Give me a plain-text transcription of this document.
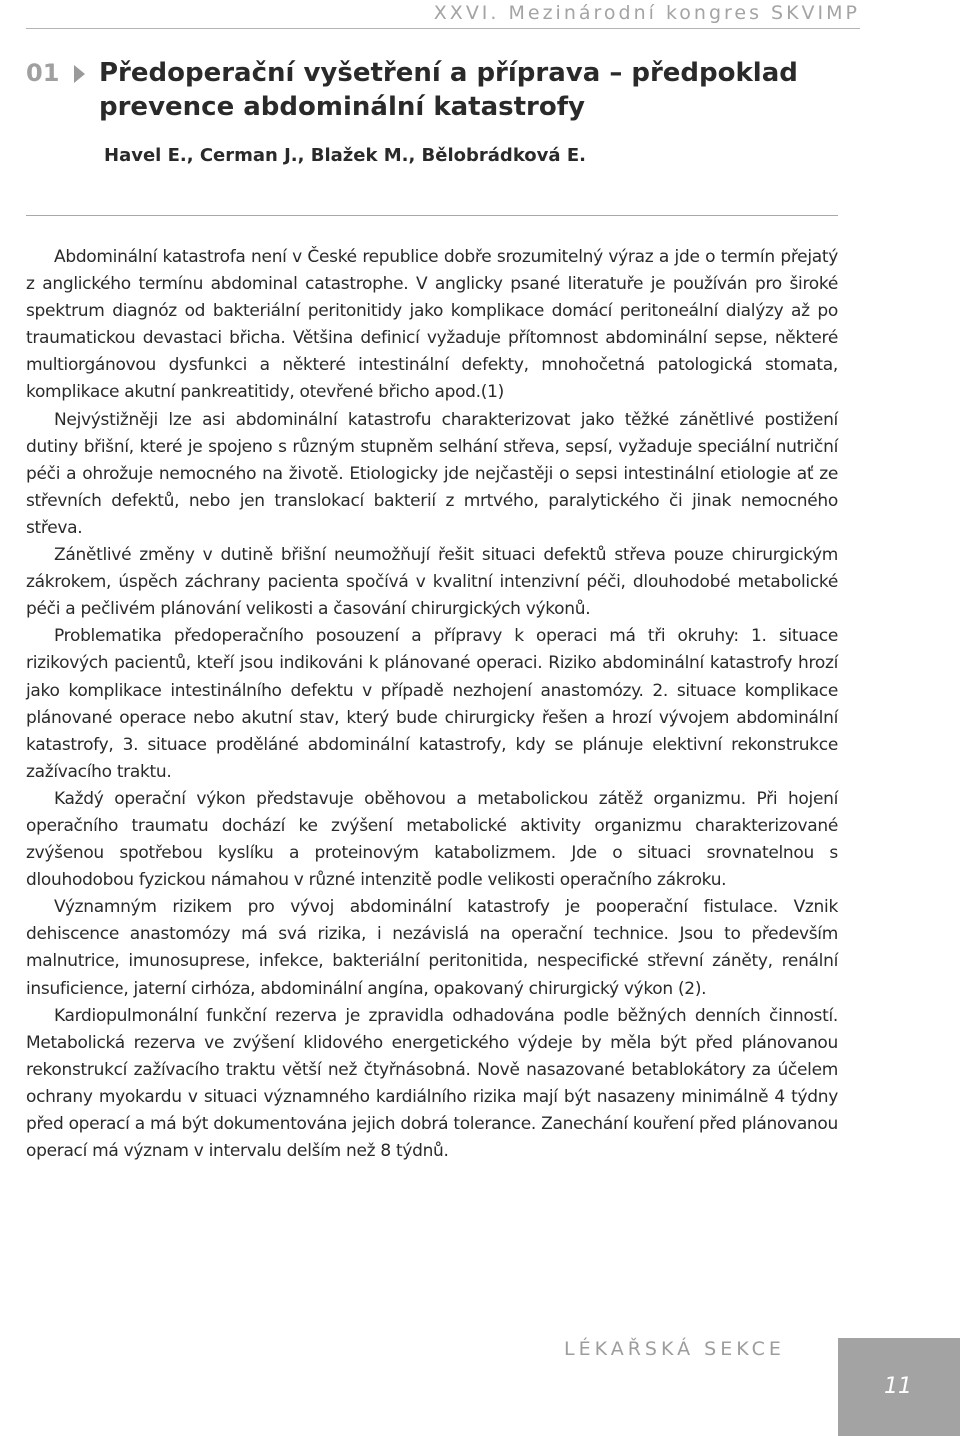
XXVI. Mezinárodní kongres SKVIMP
01	Předoperační vyšetření a příprava – předpoklad prevence abdominální katastrofy
Havel E., Cerman J., Blažek M., Bělobrádková E.

Abdominální katastrofa není v České republice dobře srozumitelný výraz a jde o termín přejatý z anglického termínu abdominal catastrophe. V anglicky psané literatuře je používán pro široké spektrum diagnóz od bakteriální peritonitidy jako komplikace domácí peritoneální dialýzy až po traumatickou devastaci břicha. Většina definicí vyžaduje přítomnost abdominální sepse, některé multiorgánovou dysfunkci a některé intestinální defekty, mnohočetná patologická stomata, komplikace akutní pankreatitidy, otevřené břicho apod.(1)

Nejvýstižněji lze asi abdominální katastrofu charakterizovat jako těžké zánětlivé postižení dutiny břišní, které je spojeno s různým stupněm selhání střeva, sepsí, vyžaduje speciální nutriční péči a ohrožuje nemocného na životě. Etiologicky jde nejčastěji o sepsi intestinální etiologie ať ze střevních defektů, nebo jen translokací bakterií z mrtvého, paralytického či jinak nemocného střeva.

Zánětlivé změny v dutině břišní neumožňují řešit situaci defektů střeva pouze chirurgickým zákrokem, úspěch záchrany pacienta spočívá v kvalitní intenzivní péči, dlouhodobé metabolické péči a pečlivém plánování velikosti a časování chirurgických výkonů.

Problematika předoperačního posouzení a přípravy k operaci má tři okruhy: 1. situace rizikových pacientů, kteří jsou indikováni k plánované operaci. Riziko abdominální katastrofy hrozí jako komplikace intestinálního defektu v případě nezhojení anastomózy. 2. situace komplikace plánované operace nebo akutní stav, který bude chirurgicky řešen a hrozí vývojem abdominální katastrofy, 3. situace proděláné abdominální katastrofy, kdy se plánuje elektivní rekonstrukce zažívacího traktu.

Každý operační výkon představuje oběhovou a metabolickou zátěž organizmu. Při hojení operačního traumatu dochází ke zvýšení metabolické aktivity organizmu charakterizované zvýšenou spotřebou kyslíku a proteinovým katabolizmem. Jde o situaci srovnatelnou s dlouhodobou fyzickou námahou v různé intenzitě podle velikosti operačního zákroku.

Významným rizikem pro vývoj abdominální katastrofy je pooperační fistulace. Vznik dehiscence anastomózy má svá rizika, i nezávislá na operační technice. Jsou to především malnutrice, imunosuprese, infekce, bakteriální peritonitida, nespecifické střevní záněty, renální insuficience, jaterní cirhóza, abdominální angína, opakovaný chirurgický výkon (2).

Kardiopulmonální funkční rezerva je zpravidla odhadována podle běžných denních činností. Metabolická rezerva ve zvýšení klidového energetického výdeje by měla být před plánovanou rekonstrukcí zažívacího traktu větší než čtyřnásobná. Nově nasazované betablokátory za účelem ochrany myokardu v situaci významného kardiálního rizika mají být nasazeny minimálně 4 týdny před operací a má být dokumentována jejich dobrá tolerance. Zanechání kouření před plánovanou operací má význam v intervalu delším než 8 týdnů.

LÉKAŘSKÁ SEKCE
11
